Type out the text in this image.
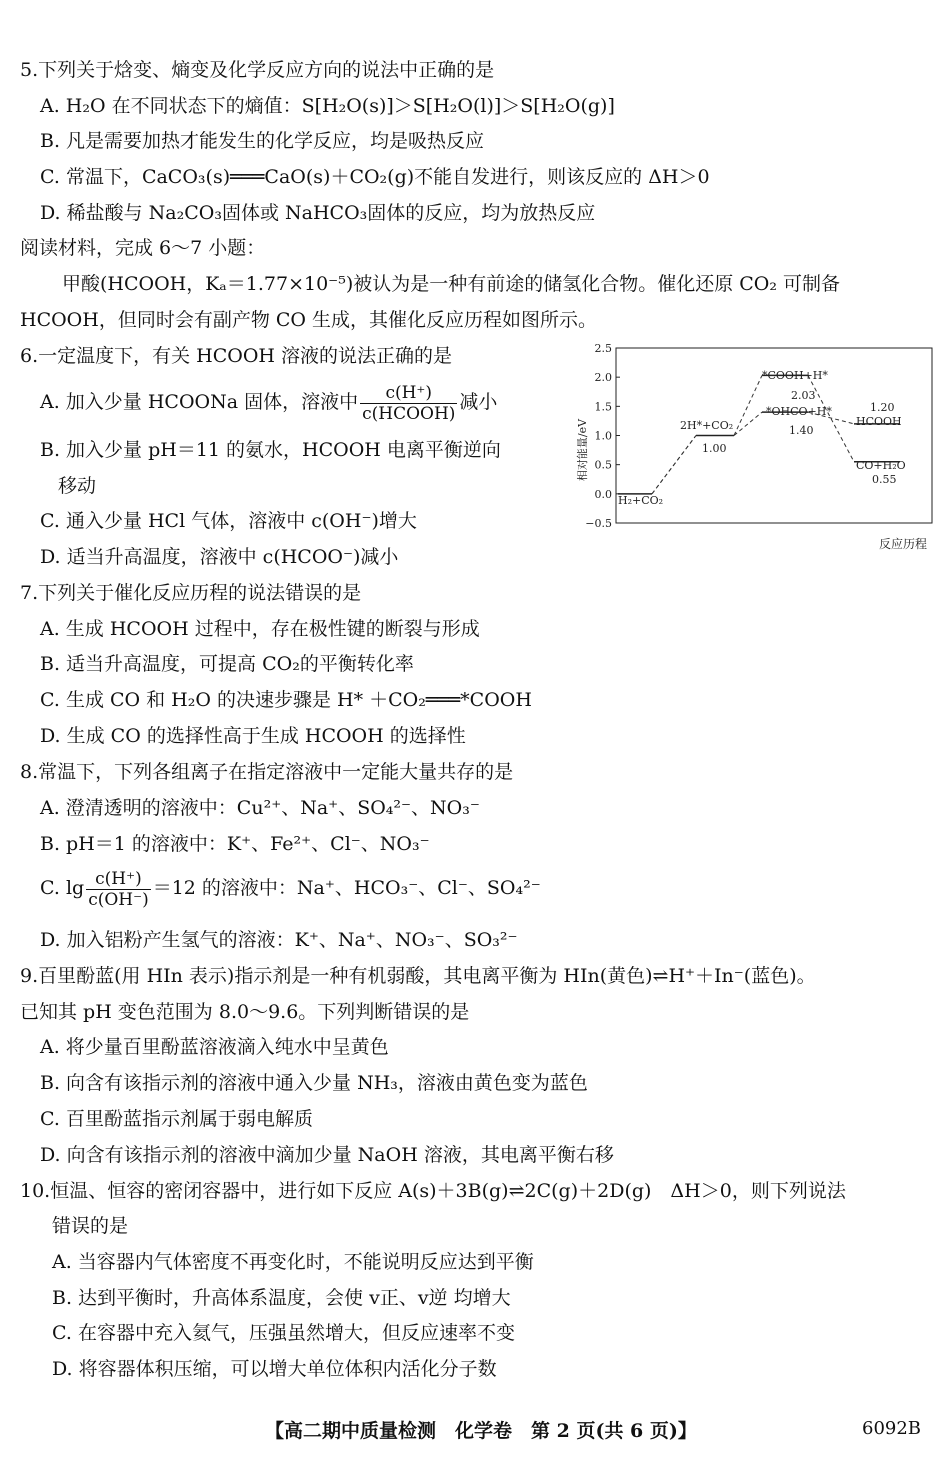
5.下列关于焓变、熵变及化学反应方向的说法中正确的是
A. H₂O 在不同状态下的熵值：S[H₂O(s)]＞S[H₂O(l)]＞S[H₂O(g)]
B. 凡是需要加热才能发生的化学反应，均是吸热反应
C. 常温下，CaCO₃(s)═══CaO(s)＋CO₂(g)不能自发进行，则该反应的 ΔH＞0
D. 稀盐酸与 Na₂CO₃固体或 NaHCO₃固体的反应，均为放热反应
阅读材料，完成 6～7 小题：
甲酸(HCOOH，Kₐ＝1.77×10⁻⁵)被认为是一种有前途的储氢化合物。催化还原 CO₂ 可制备
HCOOH，但同时会有副产物 CO 生成，其催化反应历程如图所示。
6.一定温度下，有关 HCOOH 溶液的说法正确的是
A. 加入少量 HCOONa 固体，溶液中 $\frac{c(H^+)}{\text{c(HCOOH)}}$ 减小
B. 加入少量 pH＝11 的氨水，HCOOH 电离平衡逆向
移动
C. 通入少量 HCl 气体，溶液中 c(OH⁻)增大
D. 适当升高温度，溶液中 c(HCOO⁻)减小
相对能量/eV
反应历程
2.5
2.0
1.5
1.0
0.5
0.0
−0.5
H₂+CO₂
2H*+CO₂
1.00
*COOH+H*
2.03
*OHCO+H*
1.40
1.20
HCOOH
CO+H₂O
0.55
7.下列关于催化反应历程的说法错误的是
A. 生成 HCOOH 过程中，存在极性键的断裂与形成
B. 适当升高温度，可提高 CO₂的平衡转化率
C. 生成 CO 和 H₂O 的决速步骤是 H* ＋CO₂═══*COOH
D. 生成 CO 的选择性高于生成 HCOOH 的选择性
8.常温下，下列各组离子在指定溶液中一定能大量共存的是
A. 澄清透明的溶液中：Cu²⁺、Na⁺、SO₄²⁻、NO₃⁻
B. pH＝1 的溶液中：K⁺、Fe²⁺、Cl⁻、NO₃⁻
C. $\lg \frac{c(H^+)}{c(OH^-)} =12$ 的溶液中：Na⁺、HCO₃⁻、Cl⁻、SO₄²⁻
D. 加入铝粉产生氢气的溶液：K⁺、Na⁺、NO₃⁻、SO₃²⁻
9.百里酚蓝(用 HIn 表示)指示剂是一种有机弱酸，其电离平衡为 HIn(黄色)⇌H⁺＋In⁻(蓝色)。
已知其 pH 变色范围为 8.0～9.6。下列判断错误的是
A. 将少量百里酚蓝溶液滴入纯水中呈黄色
B. 向含有该指示剂的溶液中通入少量 NH₃，溶液由黄色变为蓝色
C. 百里酚蓝指示剂属于弱电解质
D. 向含有该指示剂的溶液中滴加少量 NaOH 溶液，其电离平衡右移
10.恒温、恒容的密闭容器中，进行如下反应 A(s)＋3B(g)⇌2C(g)＋2D(g)　ΔH＞0，则下列说法
错误的是
A. 当容器内气体密度不再变化时，不能说明反应达到平衡
B. 达到平衡时，升高体系温度，会使 v正、v逆 均增大
C. 在容器中充入氦气，压强虽然增大，但反应速率不变
D. 将容器体积压缩，可以增大单位体积内活化分子数
【高二期中质量检测　化学卷　第 2 页(共 6 页)】	6092B
